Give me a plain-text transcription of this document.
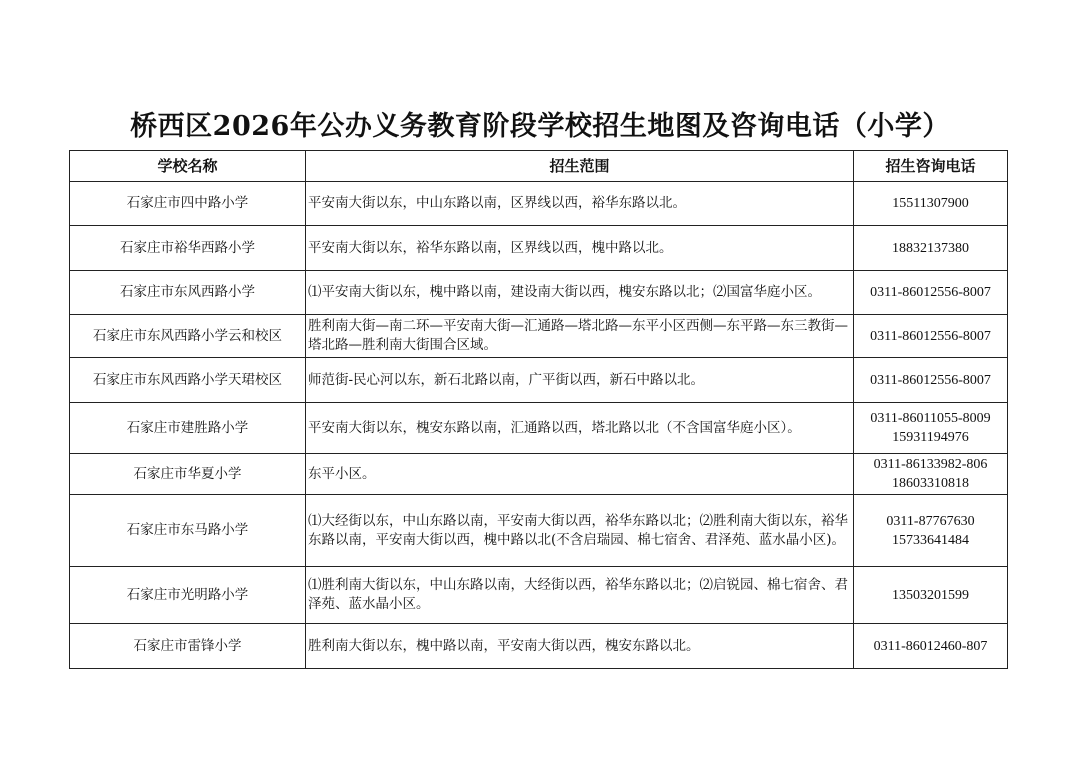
桥西区2026年公办义务教育阶段学校招生地图及咨询电话（小学）
学校名称	招生范围	招生咨询电话
石家庄市四中路小学	平安南大街以东，中山东路以南，区界线以西，裕华东路以北。	15511307900

石家庄市裕华西路小学	平安南大街以东，裕华东路以南，区界线以西，槐中路以北。	18832137380

石家庄市东风西路小学	⑴平安南大街以东，槐中路以南，建设南大街以西，槐安东路以北；⑵国富华庭小区。	0311-86012556-8007

石家庄市东风西路小学云和校区	胜利南大街—南二环—平安南大街—汇通路—塔北路—东平小区西侧—东平路—东三教街—塔北路—胜利南大街围合区域。	0311-86012556-8007

石家庄市东风西路小学天珺校区	师范街-民心河以东，新石北路以南，广平街以西，新石中路以北。	0311-86012556-8007

石家庄市建胜路小学	平安南大街以东，槐安东路以南，汇通路以西，塔北路以北（不含国富华庭小区）。	0311-86011055-8009
15931194976

石家庄市华夏小学	东平小区。	0311-86133982-806
18603310818

石家庄市东马路小学	⑴大经街以东，中山东路以南，平安南大街以西，裕华东路以北；⑵胜利南大街以东，裕华东路以南，平安南大街以西，槐中路以北(不含启瑞园、棉七宿舍、君泽苑、蓝水晶小区)。	0311-87767630
15733641484

石家庄市光明路小学	⑴胜利南大街以东，中山东路以南，大经街以西，裕华东路以北；⑵启锐园、棉七宿舍、君泽苑、蓝水晶小区。	13503201599

石家庄市雷锋小学	胜利南大街以东，槐中路以南，平安南大街以西，槐安东路以北。	0311-86012460-807
